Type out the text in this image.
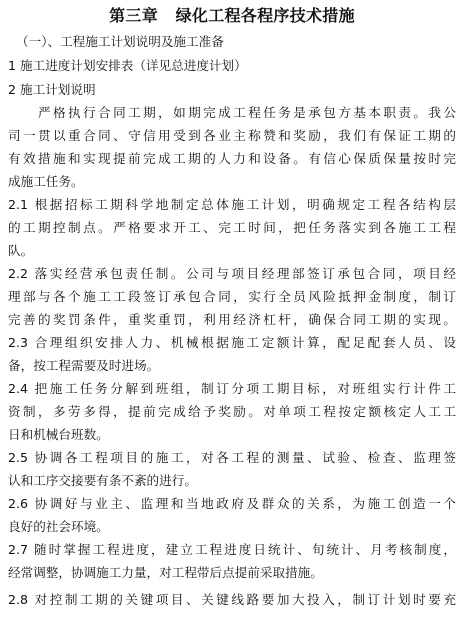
第三章   绿化工程各程序技术措施
（一）、工程施工计划说明及施工准备
1 施工进度计划安排表（详见总进度计划）
2 施工计划说明
严格执行合同工期，如期完成工程任务是承包方基本职责。我公
司一贯以重合同、守信用受到各业主称赞和奖励，我们有保证工期的
有效措施和实现提前完成工期的人力和设备。有信心保质保量按时完
成施工任务。
2.1 根据招标工期科学地制定总体施工计划，明确规定工程各结构层
的工期控制点。严格要求开工、完工时间，把任务落实到各施工工程
队。
2.2 落实经营承包责任制。公司与项目经理部签订承包合同，项目经
理部与各个施工工段签订承包合同，实行全员风险抵押金制度，制订
完善的奖罚条件，重奖重罚，利用经济杠杆，确保合同工期的实现。
2.3 合理组织安排人力、机械根据施工定额计算，配足配套人员、设
备，按工程需要及时进场。
2.4 把施工任务分解到班组，制订分项工期目标，对班组实行计件工
资制，多劳多得，提前完成给予奖励。对单项工程按定额核定人工工
日和机械台班数。
2.5 协调各工程项目的施工，对各工程的测量、试验、检查、监理签
认和工序交接要有条不紊的进行。
2.6 协调好与业主、监理和当地政府及群众的关系，为施工创造一个
良好的社会环境。
2.7 随时掌握工程进度，建立工程进度日统计、旬统计、月考核制度，
经常调整，协调施工力量，对工程带后点提前采取措施。
2.8 对控制工期的关键项目、关键线路要加大投入，制订计划时要充
